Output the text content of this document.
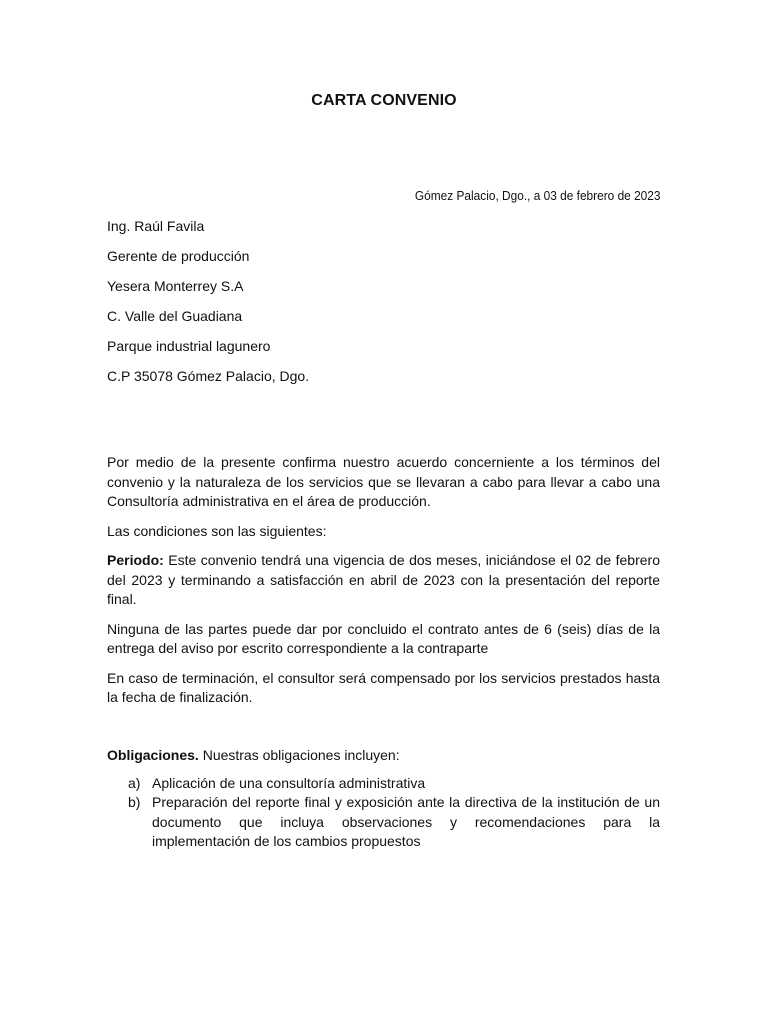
CARTA CONVENIO
Gómez Palacio, Dgo., a 03 de febrero de 2023
Ing. Raúl Favila
Gerente de producción
Yesera Monterrey S.A
C. Valle del Guadiana
Parque industrial lagunero
C.P 35078 Gómez Palacio, Dgo.

Por medio de la presente confirma nuestro acuerdo concerniente a los términos del convenio y la naturaleza de los servicios que se llevaran a cabo para llevar a cabo una Consultoría administrativa en el área de producción.

Las condiciones son las siguientes:

Periodo: Este convenio tendrá una vigencia de dos meses, iniciándose el 02 de febrero del 2023 y terminando a satisfacción en abril de 2023 con la presentación del reporte final.

Ninguna de las partes puede dar por concluido el contrato antes de 6 (seis) días de la entrega del aviso por escrito correspondiente a la contraparte

En caso de terminación, el consultor será compensado por los servicios prestados hasta la fecha de finalización.

Obligaciones. Nuestras obligaciones incluyen:

a) Aplicación de una consultoría administrativa
b) Preparación del reporte final y exposición ante la directiva de la institución de un documento que incluya observaciones y recomendaciones para la implementación de los cambios propuestos
